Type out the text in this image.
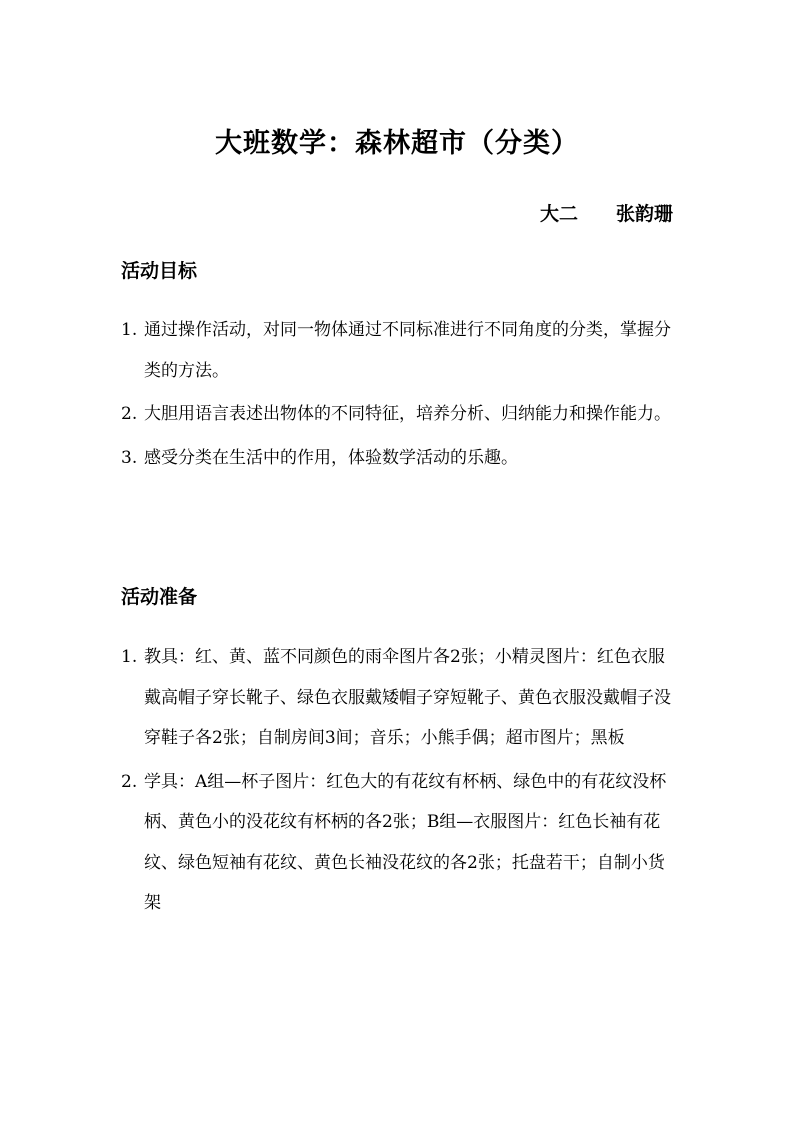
大班数学：森林超市（分类）
大二　　张韵珊
活动目标
1. 通过操作活动，对同一物体通过不同标准进行不同角度的分类，掌握分类的方法。
2. 大胆用语言表述出物体的不同特征，培养分析、归纳能力和操作能力。
3. 感受分类在生活中的作用，体验数学活动的乐趣。
活动准备
1. 教具：红、黄、蓝不同颜色的雨伞图片各2张；小精灵图片：红色衣服戴高帽子穿长靴子、绿色衣服戴矮帽子穿短靴子、黄色衣服没戴帽子没穿鞋子各2张；自制房间3间；音乐；小熊手偶；超市图片；黑板
2. 学具：A组—杯子图片：红色大的有花纹有杯柄、绿色中的有花纹没杯柄、黄色小的没花纹有杯柄的各2张；B组—衣服图片：红色长袖有花纹、绿色短袖有花纹、黄色长袖没花纹的各2张；托盘若干；自制小货架
